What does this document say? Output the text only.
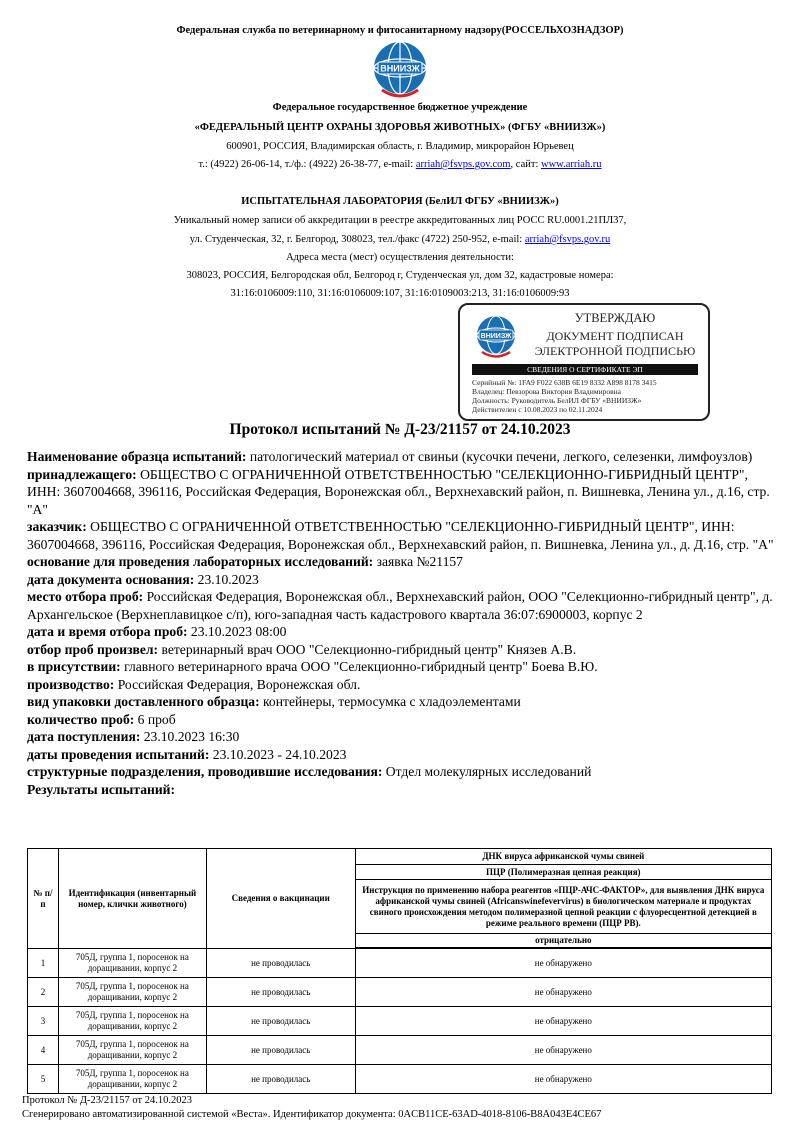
Федеральная служба по ветеринарному и фитосанитарному надзору(РОССЕЛЬХОЗНАДЗОР)
ВНИИЗЖ
Федеральное государственное бюджетное учреждение
«ФЕДЕРАЛЬНЫЙ ЦЕНТР ОХРАНЫ ЗДОРОВЬЯ ЖИВОТНЫХ» (ФГБУ «ВНИИЗЖ»)
600901, РОССИЯ, Владимирская область, г. Владимир, микрорайон Юрьевец
т.: (4922) 26-06-14, т./ф.: (4922) 26-38-77, e-mail: arriah@fsvps.gov.com, сайт: www.arriah.ru
ИСПЫТАТЕЛЬНАЯ ЛАБОРАТОРИЯ (БелИЛ ФГБУ «ВНИИЗЖ»)
Уникальный номер записи об аккредитации в реестре аккредитованных лиц РОСС RU.0001.21ПЛ37,
ул. Студенческая, 32, г. Белгород, 308023, тел./факс (4722) 250-952, e-mail: arriah@fsvps.gov.ru
Адреса места (мест) осуществления деятельности:
308023, РОССИЯ, Белгородская обл, Белгород г, Студенческая ул, дом 32, кадастровые номера:
31:16:0106009:110, 31:16:0106009:107, 31:16:0109003:213, 31:16:0106009:93
ВНИИЗЖ
УТВЕРЖДАЮ
ДОКУМЕНТ ПОДПИСАН
ЭЛЕКТРОННОЙ ПОДПИСЬЮ
СВЕДЕНИЯ О СЕРТИФИКАТЕ ЭП
Серийный №: 1FA9 F022 638B 6E19 8332 A898 8178 3415
Владелец: Певзорова Виктория Владимировна
Должность: Руководитель БелИЛ ФГБУ «ВНИИЗЖ»
Действителен с 10.08.2023 по 02.11.2024
Протокол испытаний № Д-23/21157 от 24.10.2023
Наименование образца испытаний: патологический материал от свиньи (кусочки печени, легкого, селезенки, лимфоузлов)
принадлежащего: ОБЩЕСТВО С ОГРАНИЧЕННОЙ ОТВЕТСТВЕННОСТЬЮ "СЕЛЕКЦИОННО-ГИБРИДНЫЙ ЦЕНТР", ИНН: 3607004668, 396116, Российская Федерация, Воронежская обл., Верхнехавский район, п. Вишневка, Ленина ул., д.16, стр. "А"
заказчик: ОБЩЕСТВО С ОГРАНИЧЕННОЙ ОТВЕТСТВЕННОСТЬЮ "СЕЛЕКЦИОННО-ГИБРИДНЫЙ ЦЕНТР", ИНН: 3607004668, 396116, Российская Федерация, Воронежская обл., Верхнехавский район, п. Вишневка, Ленина ул., д. Д.16, стр. "А"
основание для проведения лабораторных исследований: заявка №21157
дата документа основания: 23.10.2023
место отбора проб: Российская Федерация, Воронежская обл., Верхнехавский район, ООО "Селекционно-гибридный центр", д. Архангельское (Верхнеплавицкое с/п), юго-западная часть кадастрового квартала 36:07:6900003, корпус 2
дата и время отбора проб: 23.10.2023 08:00
отбор проб произвел: ветеринарный врач ООО "Селекционно-гибридный центр" Князев А.В.
в присутствии: главного ветеринарного врача ООО "Селекционно-гибридный центр" Боева В.Ю.
производство: Российская Федерация, Воронежская обл.
вид упаковки доставленного образца: контейнеры, термосумка с хладоэлементами
количество проб: 6 проб
дата поступления: 23.10.2023 16:30
даты проведения испытаний: 23.10.2023 - 24.10.2023
структурные подразделения, проводившие исследования: Отдел молекулярных исследований
Результаты испытаний:
№ п/п	Идентификация (инвентарный номер, клички животного)	Сведения о вакцинации	ДНК вируса африканской чумы свиней
			ПЦР (Полимеразная цепная реакция)
			Инструкция по применению набора реагентов «ПЦР-АЧС-ФАКТОР», для выявления ДНК вируса африканской чумы свиней (Africanswinefevervirus) в биологическом материале и продуктах свиного происхождения методом полимеразной цепной реакции с флуоресцентной детекцией в режиме реального времени (ПЦР РВ).
			отрицательно

1	705Д, группа 1, поросенок на доращивании, корпус 2	не проводилась	не обнаружено
2	705Д, группа 1, поросенок на доращивании, корпус 2	не проводилась	не обнаружено
3	705Д, группа 1, поросенок на доращивании, корпус 2	не проводилась	не обнаружено
4	705Д, группа 1, поросенок на доращивании, корпус 2	не проводилась	не обнаружено
5	705Д, группа 1, поросенок на доращивании, корпус 2	не проводилась	не обнаружено
Протокол № Д-23/21157 от 24.10.2023
Сгенерировано автоматизированной системой «Веста». Идентификатор документа: 0ACB11CE-63AD-4018-8106-B8A043E4CE67
